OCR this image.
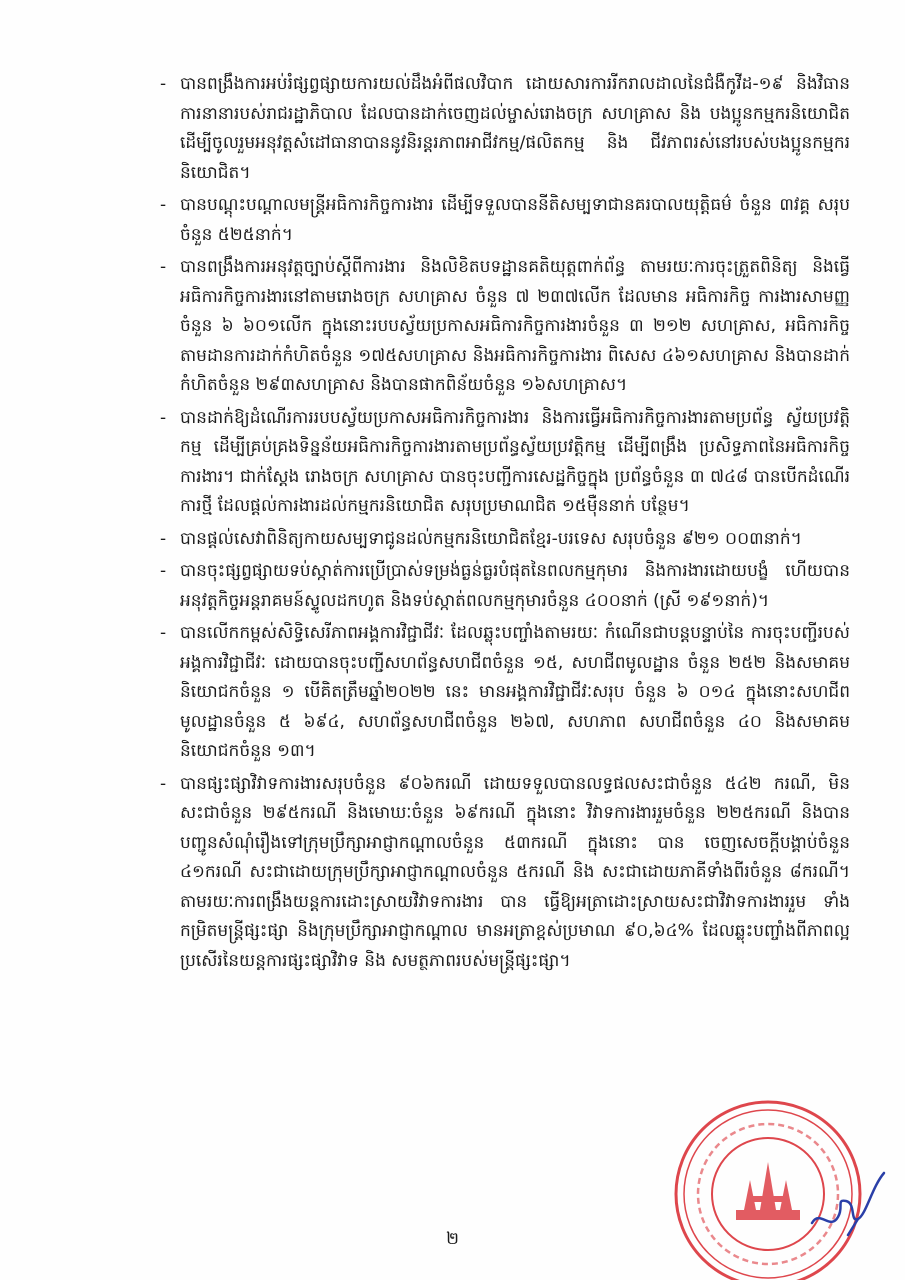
- បានពង្រឹងការអប់រំផ្សព្វផ្សាយការយល់ដឹងអំពីផលវិបាក ដោយសារការរីករាលដាលនៃជំងឺកូវីដ-១៩ និងវិធានការនានារបស់រាជរដ្ឋាភិបាល ដែលបានដាក់ចេញដល់ម្ចាស់រោងចក្រ សហគ្រាស និង បងប្អូនកម្មករនិយោជិត ដើម្បីចូលរួមអនុវត្តសំដៅធានាបាននូវនិរន្តរភាពអាជីវកម្ម/ផលិតកម្ម និង ជីវភាពរស់នៅរបស់បងប្អូនកម្មករនិយោជិត។
- បានបណ្តុះបណ្តាលមន្ត្រីអធិការកិច្ចការងារ ដើម្បីទទួលបាននីតិសម្បទាជានគរបាលយុត្តិធម៌ ចំនួន ៣វគ្គ សរុបចំនួន ៥២៥នាក់។
- បានពង្រឹងការអនុវត្តច្បាប់ស្តីពីការងារ និងលិខិតបទដ្ឋានគតិយុត្តពាក់ព័ន្ធ តាមរយៈការចុះត្រួតពិនិត្យ និងធ្វើអធិការកិច្ចការងារនៅតាមរោងចក្រ សហគ្រាស ចំនួន ៧ ២៣៧លើក ដែលមាន អធិការកិច្ច ការងារសាមញ្ញចំនួន ៦ ៦០១លើក ក្នុងនោះរបបស្វ័យប្រកាសអធិការកិច្ចការងារចំនួន ៣ ២១២ សហគ្រាស, អធិការកិច្ចតាមដានការដាក់កំហិតចំនួន ១៧៥សហគ្រាស និងអធិការកិច្ចការងារ ពិសេស ៤៦១សហគ្រាស និងបានដាក់កំហិតចំនួន ២៩៣សហគ្រាស និងបានផាកពិន័យចំនួន ១៦សហគ្រាស។
- បានដាក់ឱ្យដំណើរការរបបស្វ័យប្រកាសអធិការកិច្ចការងារ និងការធ្វើអធិការកិច្ចការងារតាមប្រព័ន្ធ ស្វ័យប្រវត្តិកម្ម ដើម្បីគ្រប់គ្រងទិន្នន័យអធិការកិច្ចការងារតាមប្រព័ន្ធស្វ័យប្រវត្តិកម្ម ដើម្បីពង្រឹង ប្រសិទ្ធភាពនៃអធិការកិច្ចការងារ។ ជាក់ស្តែង រោងចក្រ សហគ្រាស បានចុះបញ្ជីការសេដ្ឋកិច្ចក្នុង ប្រព័ន្ធចំនួន ៣ ៧៤៨ បានបើកដំណើរការថ្មី ដែលផ្តល់ការងារដល់កម្មករនិយោជិត សរុបប្រមាណជិត ១៥ម៉ឺននាក់ បន្ថែម។
- បានផ្តល់សេវាពិនិត្យកាយសម្បទាជូនដល់កម្មករនិយោជិតខ្មែរ-បរទេស សរុបចំនួន ៩២១ ០០៣នាក់។
- បានចុះផ្សព្វផ្សាយទប់ស្កាត់ការប្រើប្រាស់ទម្រង់ធ្ងន់ធ្ងរបំផុតនៃពលកម្មកុមារ និងការងារដោយបង្ខំ ហើយបានអនុវត្តកិច្ចអន្តរាគមន៍ស្ទូលដកហូត និងទប់ស្កាត់ពលកម្មកុមារចំនួន ៤០០នាក់ (ស្រី ១៩១នាក់)។
- បានលើកកម្ពស់សិទ្ធិសេរីភាពអង្គការវិជ្ជាជីវៈ ដែលឆ្លុះបញ្ចាំងតាមរយៈ កំណើនជាបន្តបន្ទាប់នៃ ការចុះបញ្ជីរបស់អង្គការវិជ្ជាជីវៈ ដោយបានចុះបញ្ជីសហព័ន្ធសហជីពចំនួន ១៥, សហជីពមូលដ្ឋាន ចំនួន ២៥២ និងសមាគមនិយោជកចំនួន ១ បើគិតត្រឹមឆ្នាំ២០២២ នេះ មានអង្គការវិជ្ជាជីវៈសរុប ចំនួន ៦ ០១៤ ក្នុងនោះសហជីពមូលដ្ឋានចំនួន ៥ ៦៩៤, សហព័ន្ធសហជីពចំនួន ២៦៧, សហភាព សហជីពចំនួន ៤០ និងសមាគមនិយោជកចំនួន ១៣។
- បានផ្សះផ្សាវិវាទការងារសរុបចំនួន ៩០៦ករណី ដោយទទួលបានលទ្ធផលសះជាចំនួន ៥៤២ ករណី, មិនសះជាចំនួន ២៩៥ករណី និងមោឃៈចំនួន ៦៩ករណី ក្នុងនោះ វិវាទការងាររួមចំនួន ២២៥ករណី និងបានបញ្ជូនសំណុំរឿងទៅក្រុមប្រឹក្សាអាជ្ញាកណ្តាលចំនួន ៥៣ករណី ក្នុងនោះ បាន ចេញសេចក្តីបង្គាប់ចំនួន ៤១ករណី សះជាដោយក្រុមប្រឹក្សាអាជ្ញាកណ្តាលចំនួន ៥ករណី និង សះជាដោយភាគីទាំងពីរចំនួន ៨ករណី។ តាមរយៈការពង្រឹងយន្តការដោះស្រាយវិវាទការងារ បាន ធ្វើឱ្យអត្រាដោះស្រាយសះជាវិវាទការងាររួម ទាំងកម្រិតមន្ត្រីផ្សះផ្សា និងក្រុមប្រឹក្សាអាជ្ញាកណ្តាល មានអត្រាខ្ពស់ប្រមាណ ៩០,៦៤% ដែលឆ្លុះបញ្ចាំងពីភាពល្អប្រសើរនៃយន្តការផ្សះផ្សាវិវាទ និង សមត្ថភាពរបស់មន្ត្រីផ្សះផ្សា។
២
